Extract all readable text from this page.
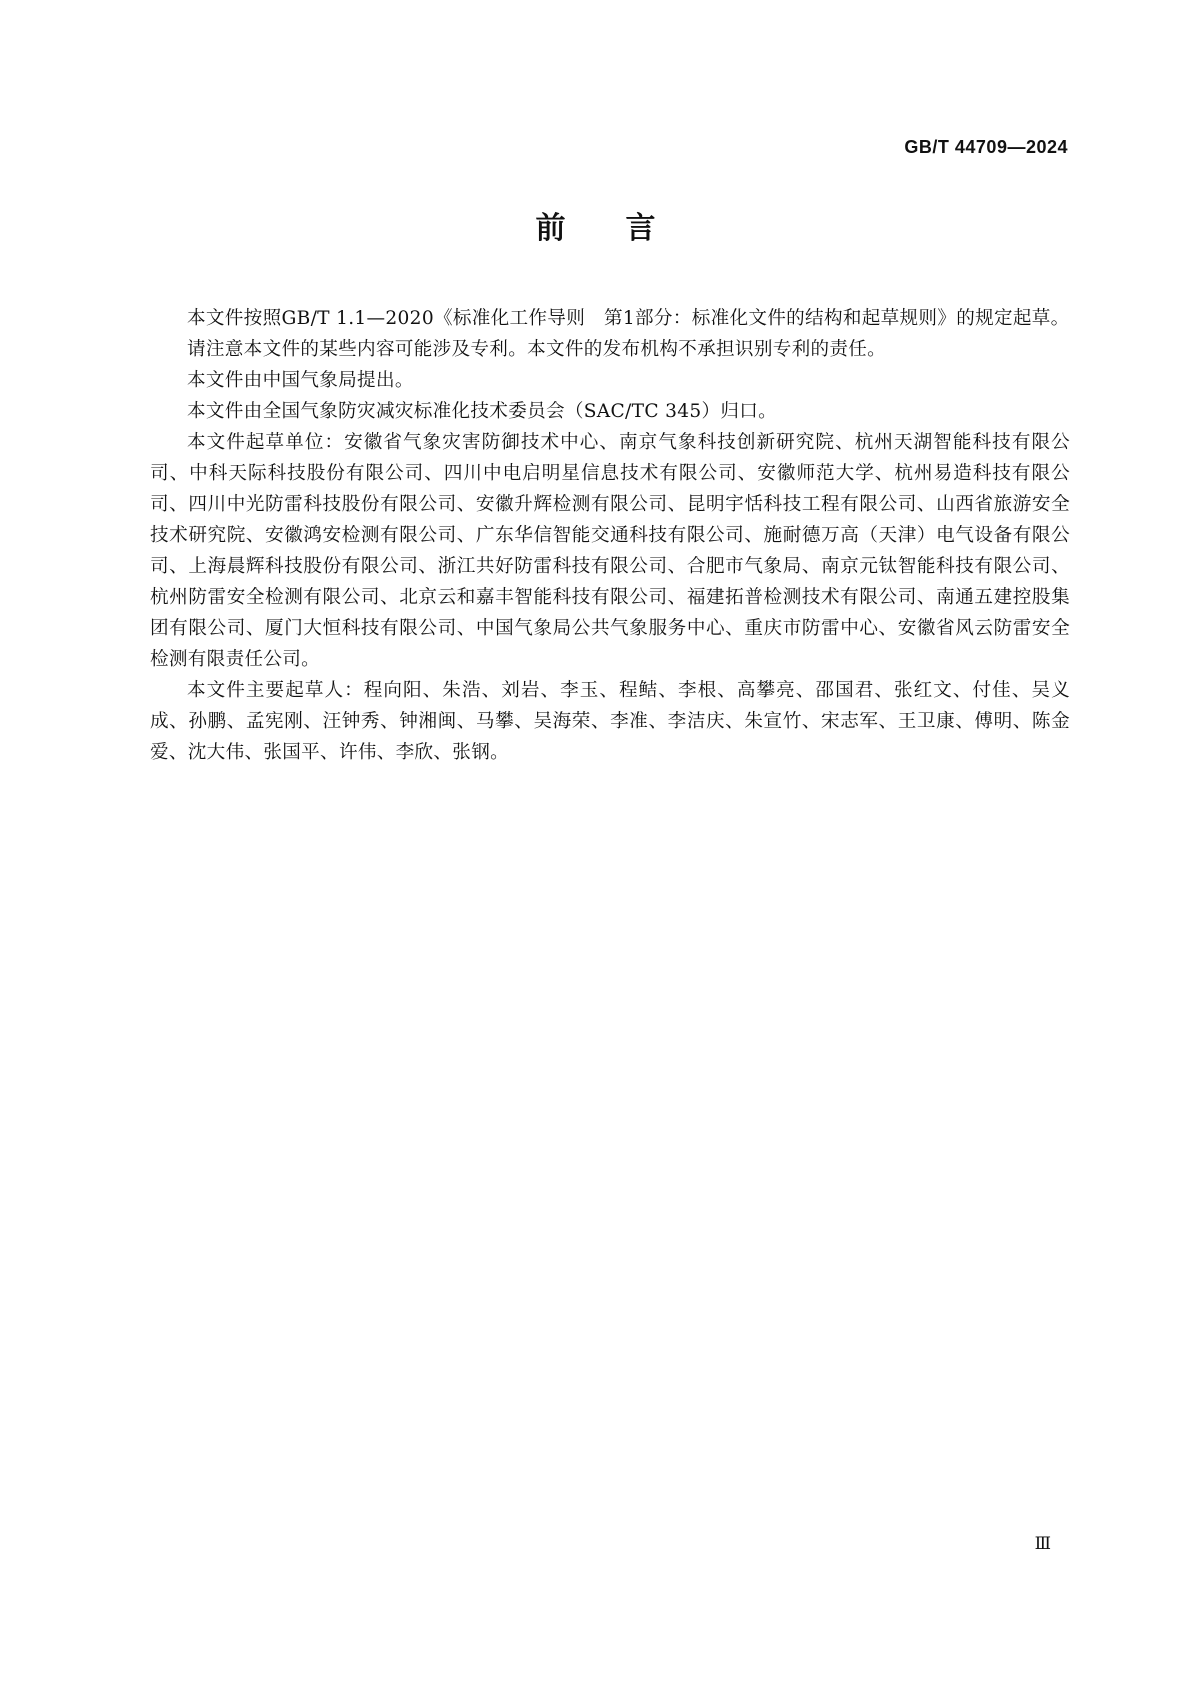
GB/T 44709—2024
前 言

本文件按照GB/T 1.1—2020《标准化工作导则　第1部分：标准化文件的结构和起草规则》的规定起草。

请注意本文件的某些内容可能涉及专利。本文件的发布机构不承担识别专利的责任。

本文件由中国气象局提出。

本文件由全国气象防灾减灾标准化技术委员会（SAC/TC 345）归口。

本文件起草单位：安徽省气象灾害防御技术中心、南京气象科技创新研究院、杭州天湖智能科技有限公司、中科天际科技股份有限公司、四川中电启明星信息技术有限公司、安徽师范大学、杭州易造科技有限公司、四川中光防雷科技股份有限公司、安徽升辉检测有限公司、昆明宇恬科技工程有限公司、山西省旅游安全技术研究院、安徽鸿安检测有限公司、广东华信智能交通科技有限公司、施耐德万高（天津）电气设备有限公司、上海晨辉科技股份有限公司、浙江共好防雷科技有限公司、合肥市气象局、南京元钛智能科技有限公司、杭州防雷安全检测有限公司、北京云和嘉丰智能科技有限公司、福建拓普检测技术有限公司、南通五建控股集团有限公司、厦门大恒科技有限公司、中国气象局公共气象服务中心、重庆市防雷中心、安徽省风云防雷安全检测有限责任公司。

本文件主要起草人：程向阳、朱浩、刘岩、李玉、程鲒、李根、高攀亮、邵国君、张红文、付佳、吴义成、孙鹏、孟宪刚、汪钟秀、钟湘闽、马攀、吴海荣、李准、李洁庆、朱宣竹、宋志军、王卫康、傅明、陈金爱、沈大伟、张国平、许伟、李欣、张钢。

Ⅲ
